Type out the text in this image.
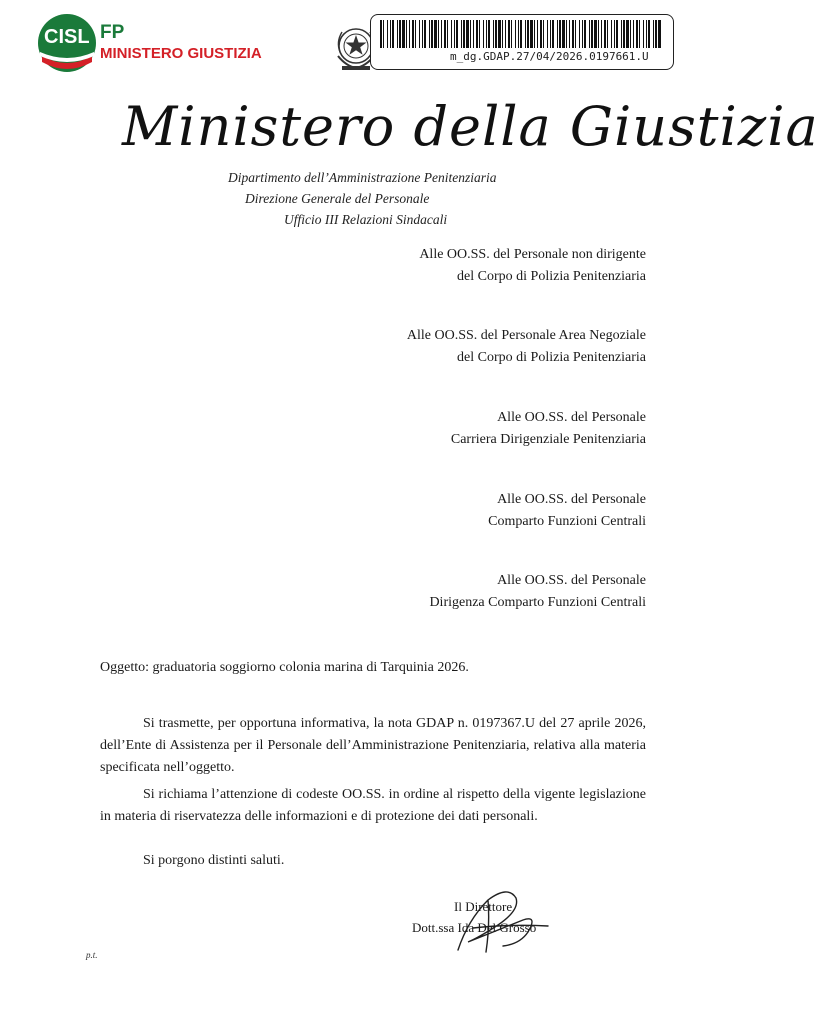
CISL FP
MINISTERO GIUSTIZIA	m_dg.GDAP.27/04/2026.0197661.U
Ministero della Giustizia
Dipartimento dell’Amministrazione Penitenziaria
Direzione Generale del Personale
Ufficio III Relazioni Sindacali
Alle OO.SS. del Personale non dirigente
del Corpo di Polizia Penitenziaria
Alle OO.SS. del Personale Area Negoziale
del Corpo di Polizia Penitenziaria
Alle OO.SS. del Personale
Carriera Dirigenziale Penitenziaria
Alle OO.SS. del Personale
Comparto Funzioni Centrali
Alle OO.SS. del Personale
Dirigenza Comparto Funzioni Centrali
Oggetto: graduatoria soggiorno colonia marina di Tarquinia 2026.

Si trasmette, per opportuna informativa, la nota GDAP n. 0197367.U del 27 aprile 2026, dell’Ente di Assistenza per il Personale dell’Amministrazione Penitenziaria, relativa alla materia specificata nell’oggetto.

Si richiama l’attenzione di codeste OO.SS. in ordine al rispetto della vigente legislazione in materia di riservatezza delle informazioni e di protezione dei dati personali.

Si porgono distinti saluti.

Il Direttore
Dott.ssa Ida Del Grosso
p.t.
